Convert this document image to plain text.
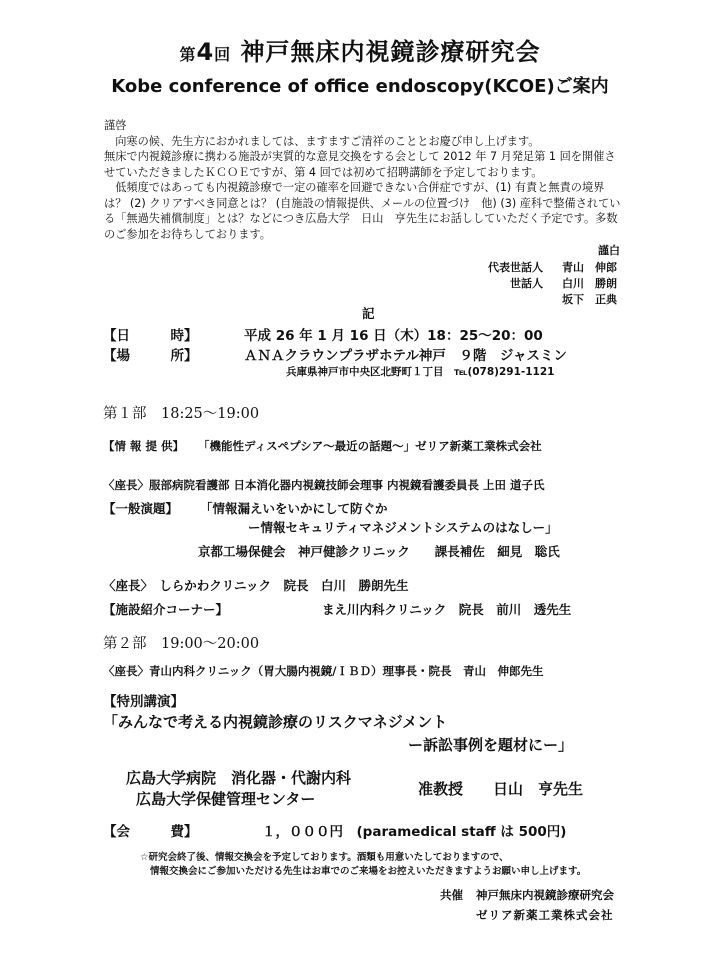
第4回 神戸無床内視鏡診療研究会
Kobe conference of office endoscopy(KCOE)ご案内

謹啓

向寒の候、先生方におかれましては、ますますご清祥のこととお慶び申し上げます。

無床で内視鏡診療に携わる施設が実質的な意見交換をする会として 2012 年 7 月発足第 1 回を開催させていただきましたＫＣＯＥですが、第 4 回では初めて招聘講師を予定しております。

低頻度ではあっても内視鏡診療で一定の確率を回避できない合併症ですが、(1) 有責と無責の境界は？ (2) クリアすべき同意とは？ (自施設の情報提供、メールの位置づけ　他) (3) 産科で整備されている「無過失補償制度」とは？などにつき広島大学　日山　亨先生にお話ししていただく予定です。多数のご参加をお待ちしております。

謹白
代表世話人 青山　伸郎
世話人 白川　勝朗
坂下　正典
記
【日　　　時】	平成 26 年 1 月 16 日（木）18：25～20：00
【場　　　所】	ＡＮＡクラウンプラザホテル神戸　９階　ジャスミン
兵庫県神戸市中央区北野町１丁目　℡(078)291-1121
第１部　18:25～19:00
【情 報 提 供】 「機能性ディスペプシア～最近の話題～」ゼリア新薬工業株式会社
〈座長〉服部病院看護部 日本消化器内視鏡技師会理事 内視鏡看護委員長 上田 道子氏
【一般演題】 「情報漏えいをいかにして防ぐか
ー情報セキュリティマネジメントシステムのはなしー」
京都工場保健会　神戸健診クリニック　　課長補佐　細見　聡氏
〈座長〉　しらかわクリニック　院長　白川　勝朗先生
【施設紹介コーナー】	まえ川内科クリニック　院長　前川　透先生
第２部　19:00～20:00
〈座長〉青山内科クリニック（胃大腸内視鏡/ＩＢＤ）理事長・院長　青山　伸郎先生
【特別講演】
「みんなで考える内視鏡診療のリスクマネジメント
ー訴訟事例を題材にー」
広島大学病院　消化器・代謝内科
広島大学保健管理センター
准教授　　日山　亨先生
【会　　　費】	１，０００円　(paramedical staff は 500円)
☆研究会終了後、情報交換会を予定しております。酒類も用意いたしておりますので、
情報交換会にご参加いただける先生はお車でのご来場をお控えいただきますようお願い申し上げます。
共催 神戸無床内視鏡診療研究会
ゼリア新薬工業株式会社
